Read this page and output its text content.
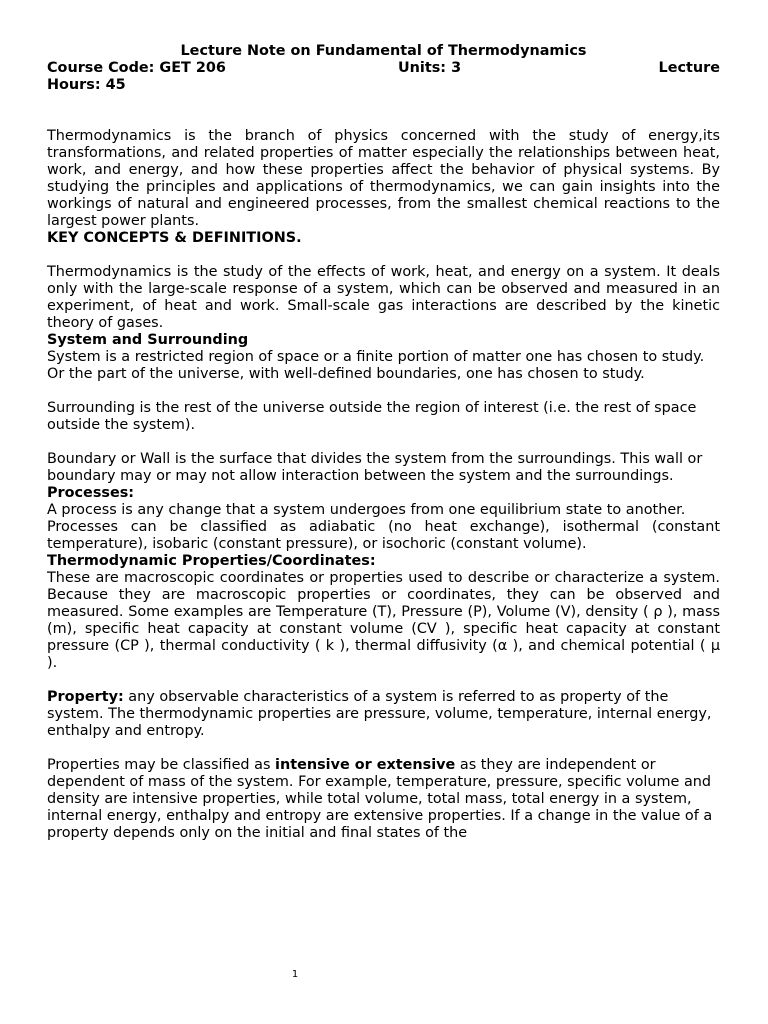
Lecture Note on Fundamental of Thermodynamics

Course Code: GET 206	Units: 3	Lecture

Hours: 45

Thermodynamics is the branch of physics concerned with the study of energy,its transformations, and related properties of matter especially the relationships between heat, work, and energy, and how these properties affect the behavior of physical systems. By studying the principles and applications of thermodynamics, we can gain insights into the workings of natural and engineered processes, from the smallest chemical reactions to the largest power plants.

KEY CONCEPTS & DEFINITIONS.

Thermodynamics is the study of the effects of work, heat, and energy on a system. It deals only with the large-scale response of a system, which can be observed and measured in an experiment, of heat and work. Small-scale gas interactions are described by the kinetic theory of gases.

System and Surrounding

System is a restricted region of space or a finite portion of matter one has chosen to study. Or the part of the universe, with well-defined boundaries, one has chosen to study.

Surrounding is the rest of the universe outside the region of interest (i.e. the rest of space outside the system).

Boundary or Wall is the surface that divides the system from the surroundings. This wall or boundary may or may not allow interaction between the system and the surroundings.

Processes:

A process is any change that a system undergoes from one equilibrium state to another.

Processes can be classified as adiabatic (no heat exchange), isothermal (constant temperature), isobaric (constant pressure), or isochoric (constant volume).

Thermodynamic Properties/Coordinates:

These are macroscopic coordinates or properties used to describe or characterize a system. Because they are macroscopic properties or coordinates, they can be observed and measured. Some examples are Temperature (T), Pressure (P), Volume (V), density ( ρ ), mass (m), specific heat capacity at constant volume (CV ), specific heat capacity at constant pressure (CP ), thermal conductivity ( k ), thermal diffusivity (α ), and chemical potential ( μ ).

Property: any observable characteristics of a system is referred to as property of the system. The thermodynamic properties are pressure, volume, temperature, internal energy, enthalpy and entropy.

Properties may be classified as intensive or extensive as they are independent or dependent of mass of the system. For example, temperature, pressure, specific volume and density are intensive properties, while total volume, total mass, total energy in a system, internal energy, enthalpy and entropy are extensive properties. If a change in the value of a property depends only on the initial and final states of the

1
